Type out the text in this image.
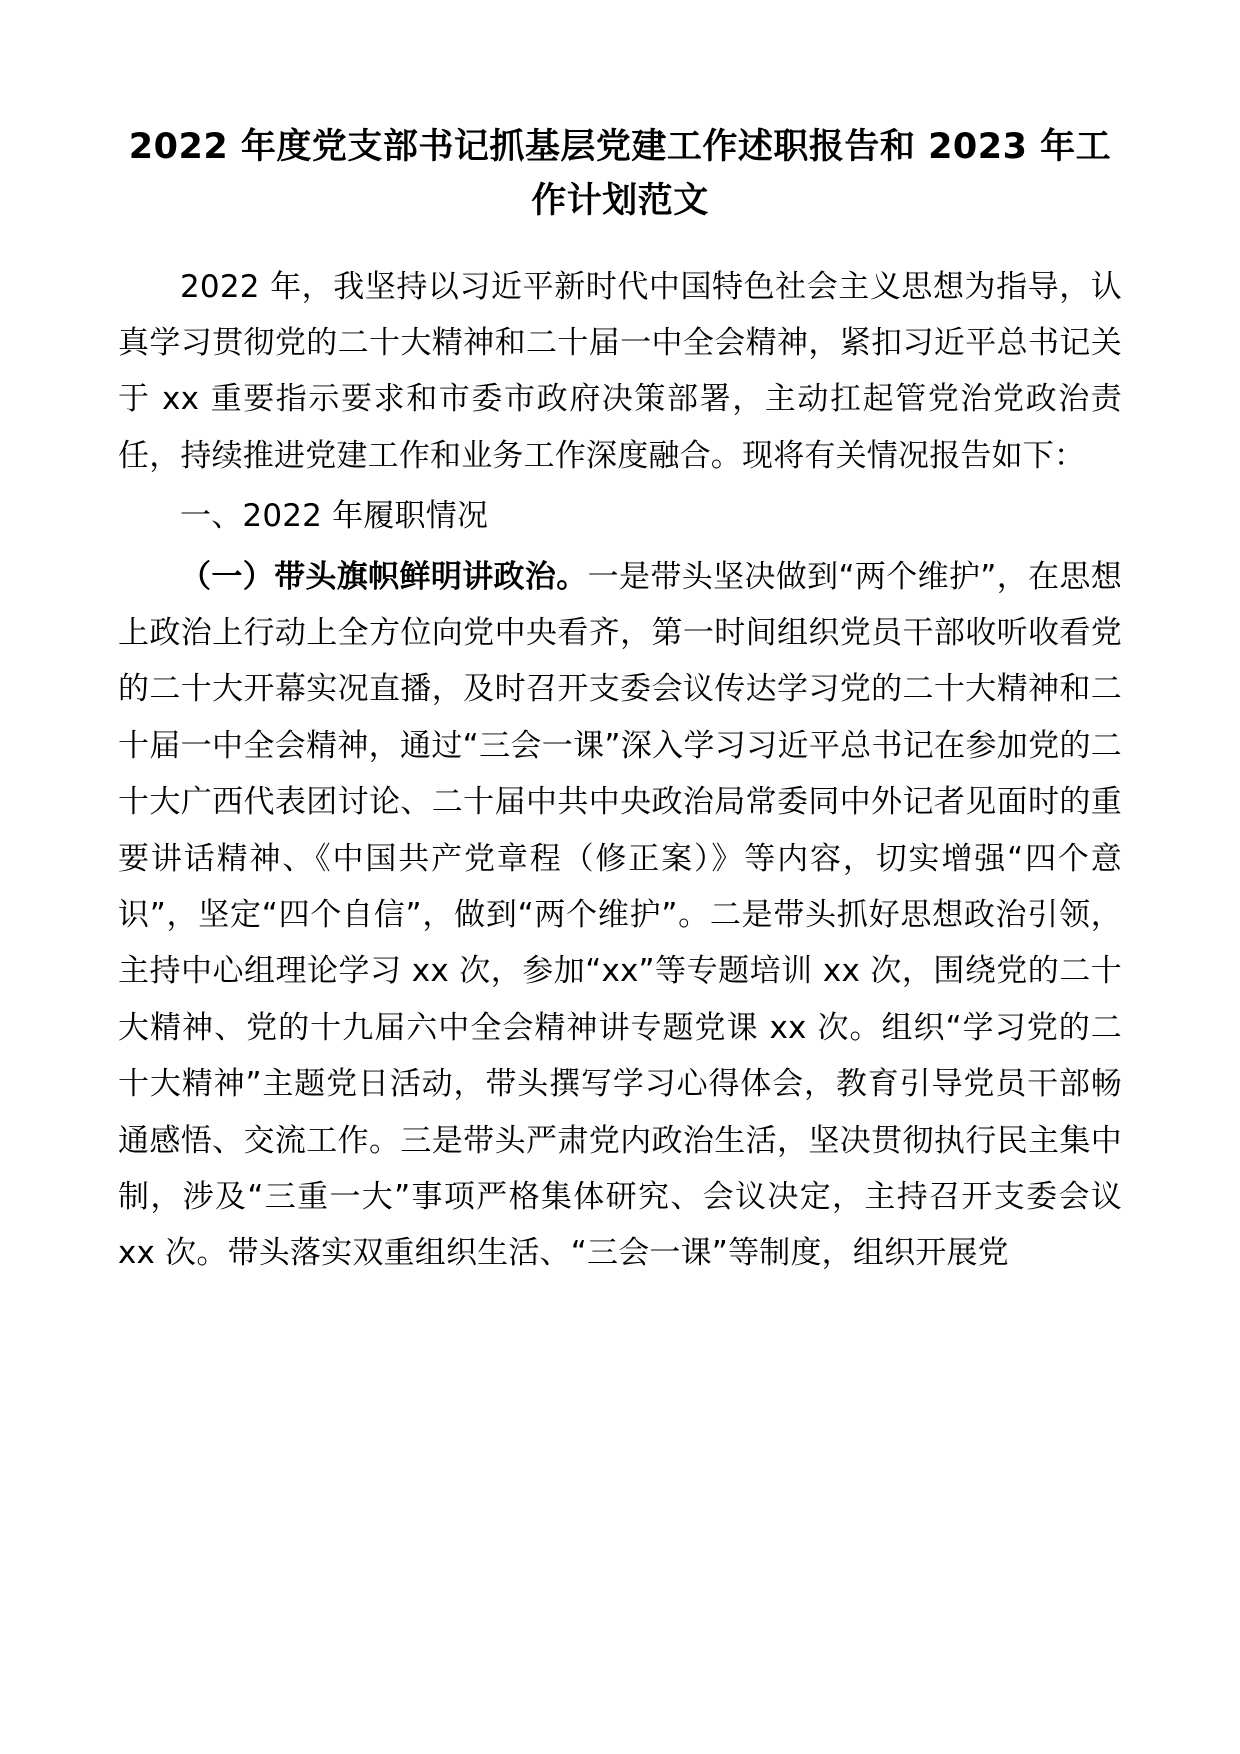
2022 年度党支部书记抓基层党建工作述职报告和 2023 年工作计划范文

2022 年，我坚持以习近平新时代中国特色社会主义思想为指导，认真学习贯彻党的二十大精神和二十届一中全会精神，紧扣习近平总书记关于 xx 重要指示要求和市委市政府决策部署，主动扛起管党治党政治责任，持续推进党建工作和业务工作深度融合。现将有关情况报告如下：

一、2022 年履职情况

（一）带头旗帜鲜明讲政治。一是带头坚决做到“两个维护”，在思想上政治上行动上全方位向党中央看齐，第一时间组织党员干部收听收看党的二十大开幕实况直播，及时召开支委会议传达学习党的二十大精神和二十届一中全会精神，通过“三会一课”深入学习习近平总书记在参加党的二十大广西代表团讨论、二十届中共中央政治局常委同中外记者见面时的重要讲话精神、《中国共产党章程（修正案）》等内容，切实增强“四个意识”，坚定“四个自信”，做到“两个维护”。二是带头抓好思想政治引领，主持中心组理论学习 xx 次，参加“xx”等专题培训 xx 次，围绕党的二十大精神、党的十九届六中全会精神讲专题党课 xx 次。组织“学习党的二十大精神”主题党日活动，带头撰写学习心得体会，教育引导党员干部畅通感悟、交流工作。三是带头严肃党内政治生活，坚决贯彻执行民主集中制，涉及“三重一大”事项严格集体研究、会议决定，主持召开支委会议 xx 次。带头落实双重组织生活、“三会一课”等制度，组织开展党
